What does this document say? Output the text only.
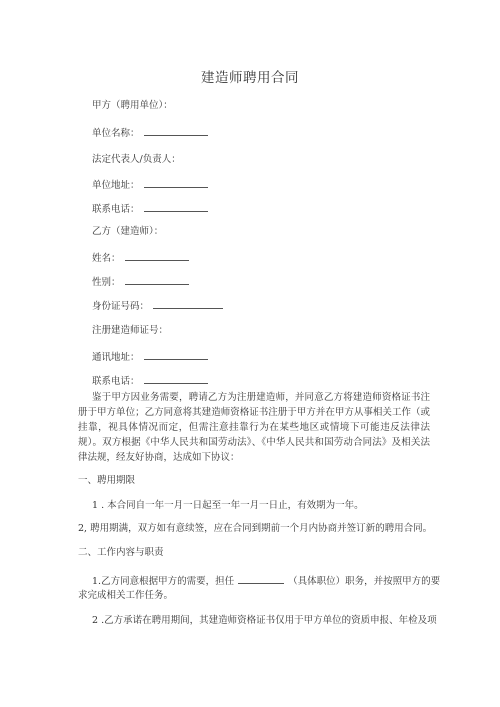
建造师聘用合同
甲方（聘用单位）：
单位名称：
法定代表人/负责人：
单位地址：
联系电话：
乙方（建造师）：
姓名：
性别：
身份证号码：
注册建造师证号：
通讯地址：
联系电话：
鉴于甲方因业务需要，聘请乙方为注册建造师，并同意乙方将建造师资格证书注册于甲方单位；乙方同意将其建造师资格证书注册于甲方并在甲方从事相关工作（或挂靠，视具体情况而定，但需注意挂靠行为在某些地区或情境下可能违反法律法规）。双方根据《中华人民共和国劳动法》、《中华人民共和国劳动合同法》及相关法律法规，经友好协商，达成如下协议：
一、聘用期限
1 . 本合同自一年一月一日起至一年一月一日止，有效期为一年。
2, 聘用期满，双方如有意续签，应在合同到期前一个月内协商并签订新的聘用合同。
二、工作内容与职责
1.乙方同意根据甲方的需要，担任	（具体职位）职务，并按照甲方的要
求完成相关工作任务。
2 .乙方承诺在聘用期间，其建造师资格证书仅用于甲方单位的资质申报、年检及项
